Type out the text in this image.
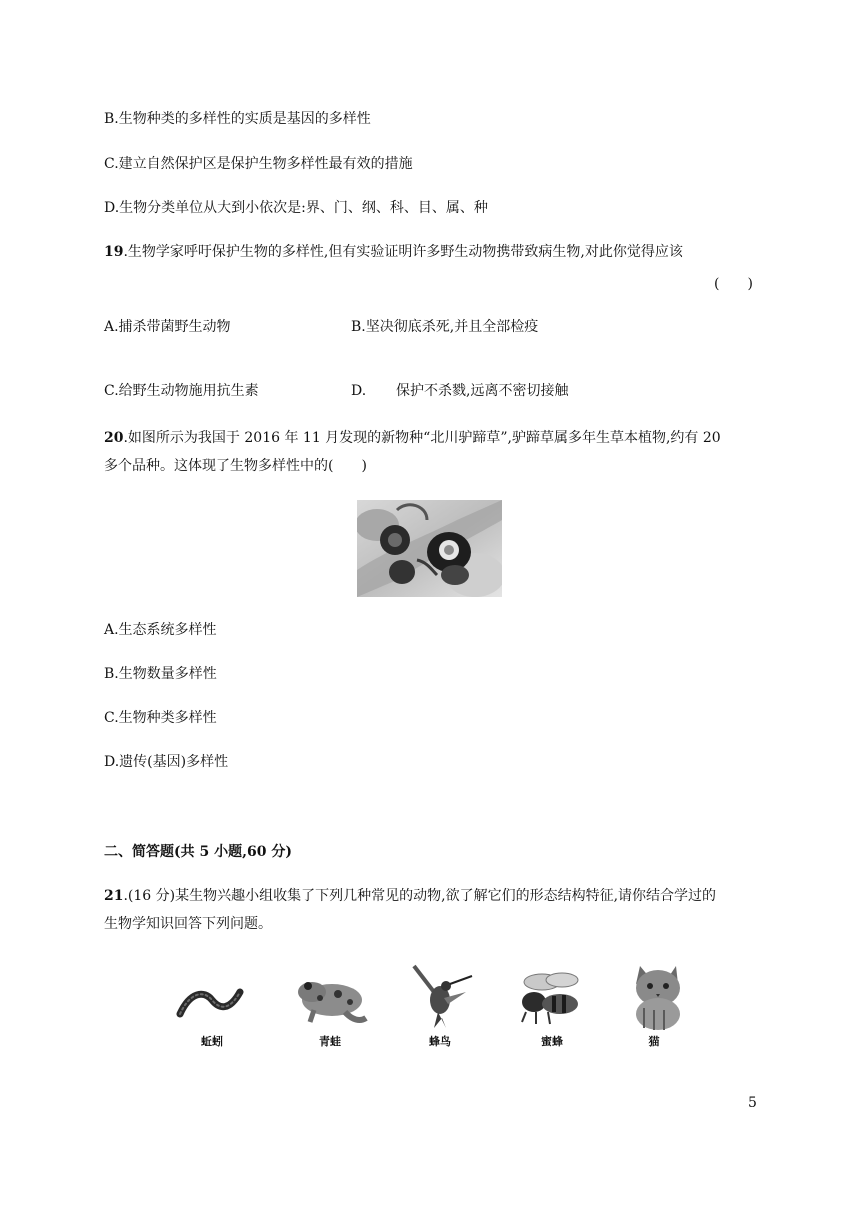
B.生物种类的多样性的实质是基因的多样性
C.建立自然保护区是保护生物多样性最有效的措施
D.生物分类单位从大到小依次是:界、门、纲、科、目、属、种
19.生物学家呼吁保护生物的多样性,但有实验证明许多野生动物携带致病生物,对此你觉得应该
(　　)
A.捕杀带菌野生动物	B.坚决彻底杀死,并且全部检疫
C.给野生动物施用抗生素	D. 保护不杀戮,远离不密切接触
20.如图所示为我国于 2016 年 11 月发现的新物种“北川驴蹄草”,驴蹄草属多年生草本植物,约有 20
多个品种。这体现了生物多样性中的(　　)
A.生态系统多样性
B.生物数量多样性
C.生物种类多样性
D.遗传(基因)多样性
二、简答题(共 5 小题,60 分)
21.(16 分)某生物兴趣小组收集了下列几种常见的动物,欲了解它们的形态结构特征,请你结合学过的
生物学知识回答下列问题。
蚯蚓	青蛙	蜂鸟	蜜蜂	猫
5
